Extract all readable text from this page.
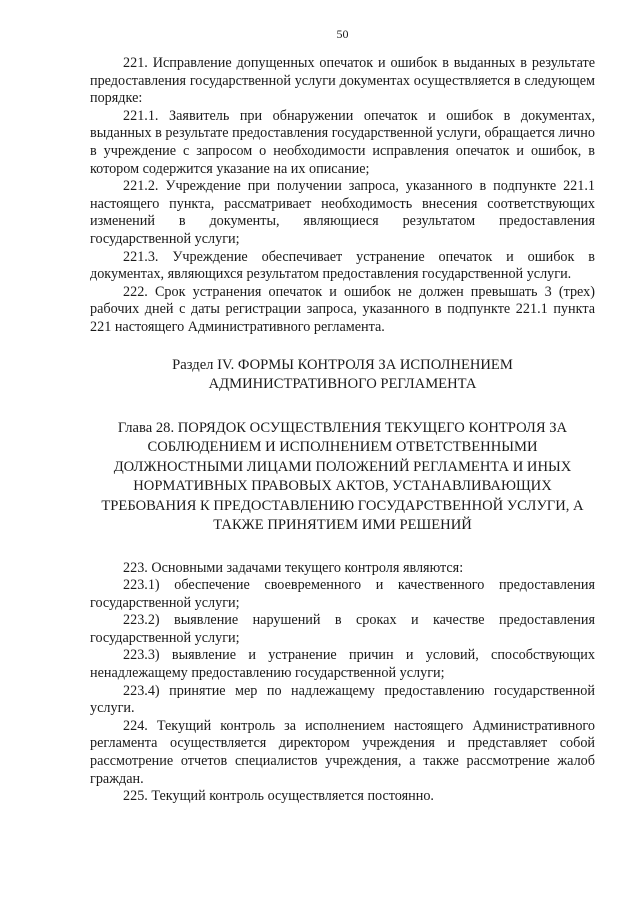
50

221. Исправление допущенных опечаток и ошибок в выданных в результате предоставления государственной услуги документах осуществляется в следующем порядке:

221.1. Заявитель при обнаружении опечаток и ошибок в документах, выданных в результате предоставления государственной услуги, обращается лично в учреждение с запросом о необходимости исправления опечаток и ошибок, в котором содержится указание на их описание;

221.2. Учреждение при получении запроса, указанного в подпункте 221.1 настоящего пункта, рассматривает необходимость внесения соответствующих изменений в документы, являющиеся результатом предоставления государственной услуги;

221.3. Учреждение обеспечивает устранение опечаток и ошибок в документах, являющихся результатом предоставления государственной услуги.

222. Срок устранения опечаток и ошибок не должен превышать 3 (трех) рабочих дней с даты регистрации запроса, указанного в подпункте 221.1 пункта 221 настоящего Административного регламента.

Раздел IV. ФОРМЫ КОНТРОЛЯ ЗА ИСПОЛНЕНИЕМ

АДМИНИСТРАТИВНОГО РЕГЛАМЕНТА

Глава 28. ПОРЯДОК ОСУЩЕСТВЛЕНИЯ ТЕКУЩЕГО КОНТРОЛЯ ЗА

СОБЛЮДЕНИЕМ И ИСПОЛНЕНИЕМ ОТВЕТСТВЕННЫМИ

ДОЛЖНОСТНЫМИ ЛИЦАМИ ПОЛОЖЕНИЙ РЕГЛАМЕНТА И ИНЫХ

НОРМАТИВНЫХ ПРАВОВЫХ АКТОВ, УСТАНАВЛИВАЮЩИХ

ТРЕБОВАНИЯ К ПРЕДОСТАВЛЕНИЮ ГОСУДАРСТВЕННОЙ УСЛУГИ, А

ТАКЖЕ ПРИНЯТИЕМ ИМИ РЕШЕНИЙ

223. Основными задачами текущего контроля являются:

223.1) обеспечение своевременного и качественного предоставления государственной услуги;

223.2) выявление нарушений в сроках и качестве предоставления государственной услуги;

223.3) выявление и устранение причин и условий, способствующих ненадлежащему предоставлению государственной услуги;

223.4) принятие мер по надлежащему предоставлению государственной услуги.

224. Текущий контроль за исполнением настоящего Административного регламента осуществляется директором учреждения и представляет собой рассмотрение отчетов специалистов учреждения, а также рассмотрение жалоб граждан.

225. Текущий контроль осуществляется постоянно.
